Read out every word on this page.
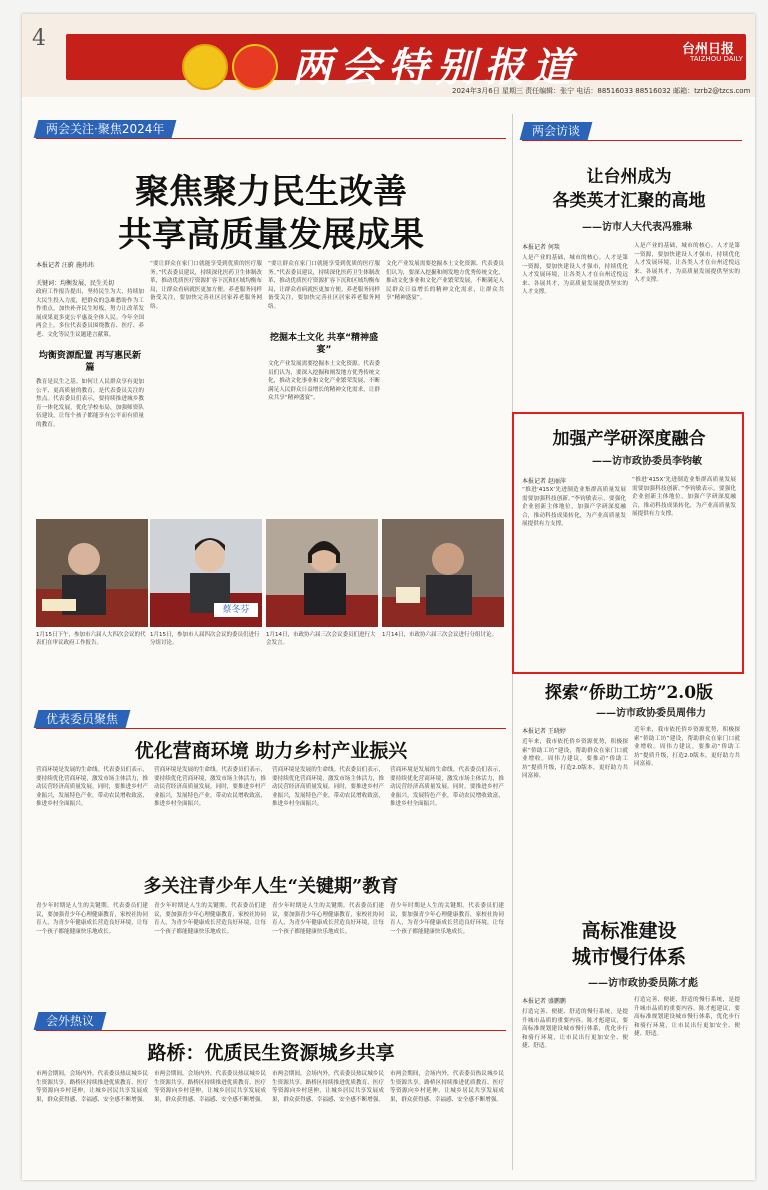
4
两会特别报道	台州日报
TAIZHOU DAILY
2024年3月6日 星期三 责任编辑：张宁 电话：88516033 88516032 邮箱：tzrb2@tzcs.com
两会关注·聚焦2024年
聚焦聚力民生改善
共享高质量发展成果
本报记者 汪蔚 施玮玮
关键词：均衡发展、民生关切
政府工作报告提出，坚持民生为大，持续加大民生投入力度，把群众的急难愁盼作为工作重点，加快补齐民生短板，努力让改革发展成果更多更公平惠及全体人民。今年全国两会上，多位代表委员围绕教育、医疗、养老、文化等民生议题建言献策。
均衡资源配置 再写惠民新篇
教育是民生之基。如何让人民群众享有更加公平、更高质量的教育，是代表委员关注的焦点。代表委员们表示，要持续推进城乡教育一体化发展，优化学校布局，加强师资队伍建设，让每个孩子都能享有公平而有质量的教育。
“要让群众在家门口就能享受到优质的医疗服务。”代表委员建议，持续深化医药卫生体制改革，推动优质医疗资源扩容下沉和区域均衡布局，让群众看病就医更加方便。养老服务同样备受关注，要加快完善社区居家养老服务网络。
“要让群众在家门口就能享受到优质的医疗服务。”代表委员建议，持续深化医药卫生体制改革，推动优质医疗资源扩容下沉和区域均衡布局，让群众看病就医更加方便。养老服务同样备受关注，要加快完善社区居家养老服务网络。
挖掘本土文化 共享“精神盛宴”
文化产业发展需要挖掘本土文化资源。代表委员们认为，要深入挖掘和阐发地方优秀传统文化，推动文化事业和文化产业繁荣发展，不断满足人民群众日益增长的精神文化需求，让群众共享“精神盛宴”。
文化产业发展需要挖掘本土文化资源。代表委员们认为，要深入挖掘和阐发地方优秀传统文化，推动文化事业和文化产业繁荣发展，不断满足人民群众日益增长的精神文化需求，让群众共享“精神盛宴”。
蔡冬芬
1月15日下午，参加市六届人大四次会议的代表们在审议政府工作报告。
1月15日，参加市人届四次会议的委员们进行分组讨论。
1月14日，市政协六届三次会议委员们进行大会发言。
1月14日，市政协六届三次会议进行分组讨论。
优表委员聚焦
优化营商环境 助力乡村产业振兴
营商环境是发展的生命线。代表委员们表示，要持续优化营商环境，激发市场主体活力，推动民营经济高质量发展。同时，要推进乡村产业振兴，发展特色产业，带动农民增收致富，推进乡村全面振兴。
营商环境是发展的生命线。代表委员们表示，要持续优化营商环境，激发市场主体活力，推动民营经济高质量发展。同时，要推进乡村产业振兴，发展特色产业，带动农民增收致富，推进乡村全面振兴。
营商环境是发展的生命线。代表委员们表示，要持续优化营商环境，激发市场主体活力，推动民营经济高质量发展。同时，要推进乡村产业振兴，发展特色产业，带动农民增收致富，推进乡村全面振兴。
营商环境是发展的生命线。代表委员们表示，要持续优化营商环境，激发市场主体活力，推动民营经济高质量发展。同时，要推进乡村产业振兴，发展特色产业，带动农民增收致富，推进乡村全面振兴。
多关注青少年人生“关键期”教育
青少年时期是人生的关键期。代表委员们建议，要加强青少年心理健康教育，家校社协同育人，为青少年健康成长营造良好环境，让每一个孩子都能健康快乐地成长。
青少年时期是人生的关键期。代表委员们建议，要加强青少年心理健康教育，家校社协同育人，为青少年健康成长营造良好环境，让每一个孩子都能健康快乐地成长。
青少年时期是人生的关键期。代表委员们建议，要加强青少年心理健康教育，家校社协同育人，为青少年健康成长营造良好环境，让每一个孩子都能健康快乐地成长。
青少年时期是人生的关键期。代表委员们建议，要加强青少年心理健康教育，家校社协同育人，为青少年健康成长营造良好环境，让每一个孩子都能健康快乐地成长。
会外热议
路桥：优质民生资源城乡共享
市两会期间，会场内外，代表委员热议城乡民生资源共享。路桥区持续推进优质教育、医疗等资源向乡村延伸，让城乡居民共享发展成果，群众获得感、幸福感、安全感不断增强。
市两会期间，会场内外，代表委员热议城乡民生资源共享。路桥区持续推进优质教育、医疗等资源向乡村延伸，让城乡居民共享发展成果，群众获得感、幸福感、安全感不断增强。
市两会期间，会场内外，代表委员热议城乡民生资源共享。路桥区持续推进优质教育、医疗等资源向乡村延伸，让城乡居民共享发展成果，群众获得感、幸福感、安全感不断增强。
市两会期间，会场内外，代表委员热议城乡民生资源共享。路桥区持续推进优质教育、医疗等资源向乡村延伸，让城乡居民共享发展成果，群众获得感、幸福感、安全感不断增强。
两会访谈
让台州成为
各类英才汇聚的高地
——访市人大代表冯雅琳
本报记者 何琰
人是产业的基础，城市的核心。人才是第一资源，要加快建设人才强市，持续优化人才发展环境，让各类人才在台州近悦远来、各展其才，为高质量发展提供坚实的人才支撑。
人是产业的基础，城市的核心。人才是第一资源，要加快建设人才强市，持续优化人才发展环境，让各类人才在台州近悦远来、各展其才，为高质量发展提供坚实的人才支撑。
加强产学研深度融合
——访市政协委员李钧敏
本报记者 赵丽萍
“推进‘415X’先进制造业集群高质量发展需要加强科技创新。”李钧敏表示，要强化企业创新主体地位，加强产学研深度融合，推动科技成果转化，为产业高质量发展提供有力支撑。
“推进‘415X’先进制造业集群高质量发展需要加强科技创新。”李钧敏表示，要强化企业创新主体地位，加强产学研深度融合，推动科技成果转化，为产业高质量发展提供有力支撑。
探索“侨助工坊”2.0版
——访市政协委员周伟力
本报记者 王晓婷
近年来，我市依托侨乡资源优势，积极探索“侨助工坊”建设，帮助群众在家门口就业增收。周伟力建议，要推动“侨助工坊”提质升级，打造2.0版本，更好助力共同富裕。
近年来，我市依托侨乡资源优势，积极探索“侨助工坊”建设，帮助群众在家门口就业增收。周伟力建议，要推动“侨助工坊”提质升级，打造2.0版本，更好助力共同富裕。
高标准建设
城市慢行体系
——访市政协委员陈才彪
本报记者 盛鹏鹏
打造完善、便捷、舒适的慢行系统，是提升城市品质的重要内容。陈才彪建议，要高标准规划建设城市慢行体系，优化步行和骑行环境，让市民出行更加安全、便捷、舒适。
打造完善、便捷、舒适的慢行系统，是提升城市品质的重要内容。陈才彪建议，要高标准规划建设城市慢行体系，优化步行和骑行环境，让市民出行更加安全、便捷、舒适。
